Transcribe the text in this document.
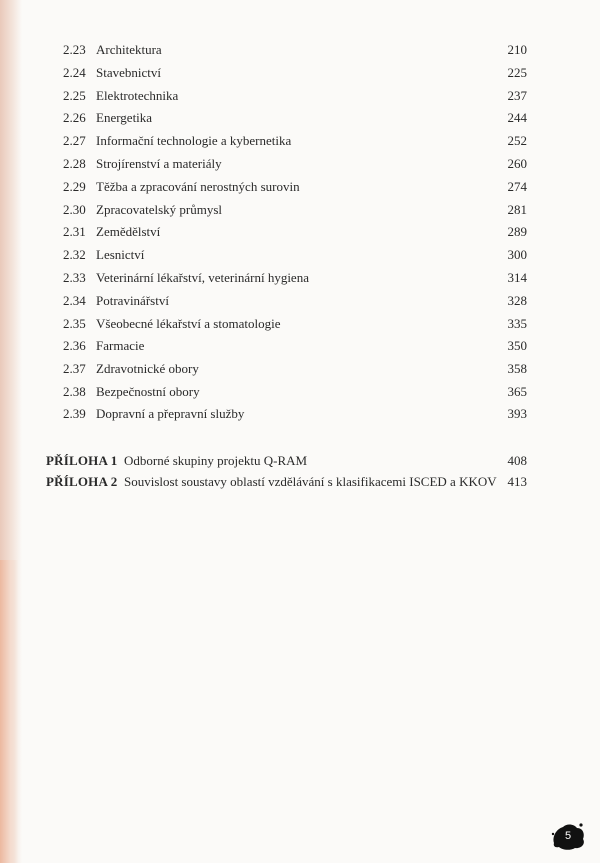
2.23 Architektura	210
2.24 Stavebnictví	225
2.25 Elektrotechnika	237
2.26 Energetika	244
2.27 Informační technologie a kybernetika	252
2.28 Strojírenství a materiály	260
2.29 Těžba a zpracování nerostných surovin	274
2.30 Zpracovatelský průmysl	281
2.31 Zemědělství	289
2.32 Lesnictví	300
2.33 Veterinární lékařství, veterinární hygiena	314
2.34 Potravinářství	328
2.35 Všeobecné lékařství a stomatologie	335
2.36 Farmacie	350
2.37 Zdravotnické obory	358
2.38 Bezpečnostní obory	365
2.39 Dopravní a přepravní služby	393
PŘÍLOHA 1 Odborné skupiny projektu Q-RAM	408
PŘÍLOHA 2 Souvislost soustavy oblastí vzdělávání s klasifikacemi ISCED a KKOV 413
5
